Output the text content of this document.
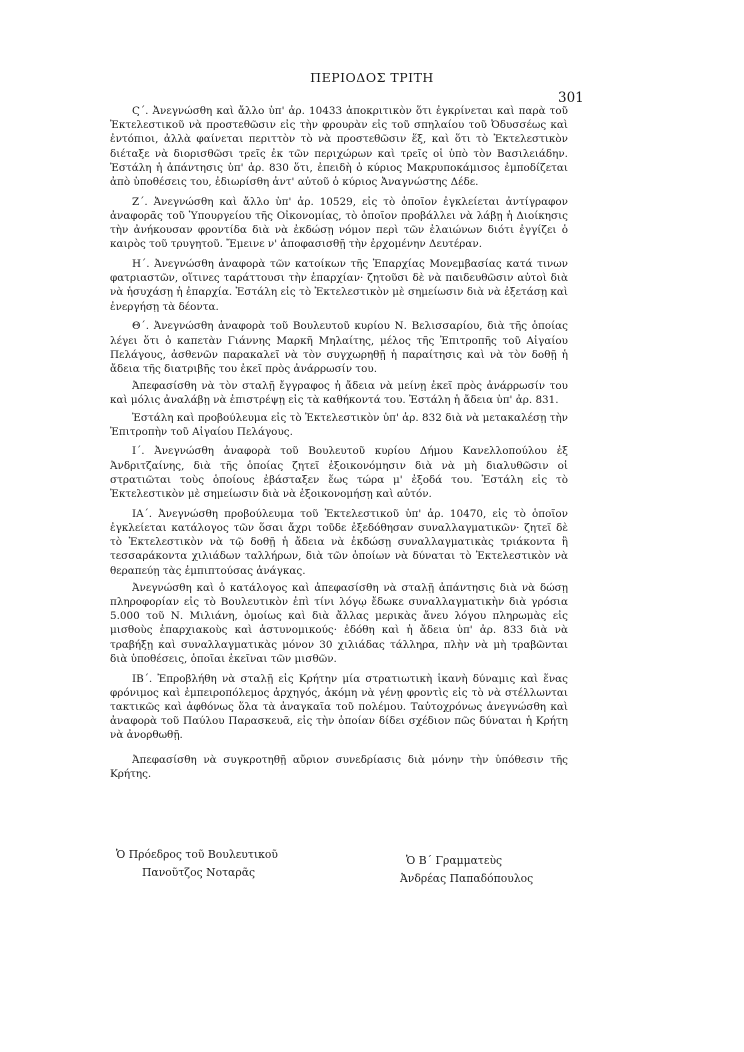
ΠΕΡΙΟΔΟΣ ΤΡΙΤΗ
301

Ϛ΄. Ἀνεγνώσθη καὶ ἄλλο ὑπ' ἀρ. 10433 ἀποκριτικὸν ὅτι ἐγκρίνεται καὶ παρὰ τοῦ Ἐκτελεστικοῦ νὰ προστεθῶσιν εἰς τὴν φρουρὰν εἰς τοῦ σπηλαίου τοῦ Ὀδυσσέως καὶ ἐντόπιοι, ἀλλὰ φαίνεται περιττὸν τὸ νὰ προστεθῶσιν ἕξ, καὶ ὅτι τὸ Ἐκτελεστικὸν διέταξε νὰ διορισθῶσι τρεῖς ἐκ τῶν περιχώρων καὶ τρεῖς οἱ ὑπὸ τὸν Βασιλειάδην. Ἐστάλη ἡ ἀπάντησις ὑπ' ἀρ. 830 ὅτι, ἐπειδὴ ὁ κύριος Μακρυποκάμισος ἐμποδίζεται ἀπὸ ὑποθέσεις του, ἐδιωρίσθη ἀντ' αὐτοῦ ὁ κύριος Ἀναγνώστης Δέδε.

Ζ΄. Ἀνεγνώσθη καὶ ἄλλο ὑπ' ἀρ. 10529, εἰς τὸ ὁποῖον ἐγκλείεται ἀντίγραφον ἀναφορᾶς τοῦ Ὑπουργείου τῆς Οἰκονομίας, τὸ ὁποῖον προβάλλει νὰ λάβῃ ἡ Διοίκησις τὴν ἀνήκουσαν φροντίδα διὰ νὰ ἐκδώσῃ νόμον περὶ τῶν ἐλαιώνων διότι ἐγγίζει ὁ καιρὸς τοῦ τρυγητοῦ. Ἔμεινε ν' ἀποφασισθῇ τὴν ἐρχομένην Δευτέραν.

Η΄. Ἀνεγνώσθη ἀναφορὰ τῶν κατοίκων τῆς Ἐπαρχίας Μονεμβασίας κατά τινων φατριαστῶν, οἵτινες ταράττουσι τὴν ἐπαρχίαν· ζητοῦσι δὲ νὰ παιδευθῶσιν αὐτοὶ διὰ νὰ ἡσυχάσῃ ἡ ἐπαρχία. Ἐστάλη εἰς τὸ Ἐκτελεστικὸν μὲ σημείωσιν διὰ νὰ ἐξετάσῃ καὶ ἐνεργήσῃ τὰ δέοντα.

Θ΄. Ἀνεγνώσθη ἀναφορὰ τοῦ Βουλευτοῦ κυρίου Ν. Βελισσαρίου, διὰ τῆς ὁποίας λέγει ὅτι ὁ καπετὰν Γιάννης Μαρκῆ Μηλαίτης, μέλος τῆς Ἐπιτροπῆς τοῦ Αἰγαίου Πελάγους, ἀσθενῶν παρακαλεῖ νὰ τὸν συγχωρηθῇ ἡ παραίτησις καὶ νὰ τὸν δοθῇ ἡ ἄδεια τῆς διατριβῆς του ἐκεῖ πρὸς ἀνάρρωσίν του.

Ἀπεφασίσθη νὰ τὸν σταλῇ ἔγγραφος ἡ ἄδεια νὰ μείνῃ ἐκεῖ πρὸς ἀνάρρωσίν του καὶ μόλις ἀναλάβῃ νὰ ἐπιστρέψῃ εἰς τὰ καθήκοντά του. Ἐστάλη ἡ ἄδεια ὑπ' ἀρ. 831.

Ἐστάλη καὶ προβούλευμα εἰς τὸ Ἐκτελεστικὸν ὑπ' ἀρ. 832 διὰ νὰ μετακαλέσῃ τὴν Ἐπιτροπὴν τοῦ Αἰγαίου Πελάγους.

Ι΄. Ἀνεγνώσθη ἀναφορὰ τοῦ Βουλευτοῦ κυρίου Δήμου Κανελλοπούλου ἐξ Ἀνδριτζαίνης, διὰ τῆς ὁποίας ζητεῖ ἐξοικονόμησιν διὰ νὰ μὴ διαλυθῶσιν οἱ στρατιῶται τοὺς ὁποίους ἐβάσταξεν ἕως τώρα μ' ἐξοδά του. Ἐστάλη εἰς τὸ Ἐκτελεστικὸν μὲ σημείωσιν διὰ νὰ ἐξοικονομήσῃ καὶ αὐτόν.

ΙΑ΄. Ἀνεγνώσθη προβούλευμα τοῦ Ἐκτελεστικοῦ ὑπ' ἀρ. 10470, εἰς τὸ ὁποῖον ἐγκλείεται κατάλογος τῶν ὅσαι ἄχρι τοῦδε ἐξεδόθησαν συναλλαγματικῶν· ζητεῖ δὲ τὸ Ἐκτελεστικὸν νὰ τῷ δοθῇ ἡ ἄδεια νὰ ἐκδώσῃ συναλλαγματικὰς τριάκοντα ἢ τεσσαράκοντα χιλιάδων ταλλήρων, διὰ τῶν ὁποίων νὰ δύναται τὸ Ἐκτελεστικὸν νὰ θεραπεύῃ τὰς ἐμπιπτούσας ἀνάγκας.

Ἀνεγνώσθη καὶ ὁ κατάλογος καὶ ἀπεφασίσθη νὰ σταλῇ ἀπάντησις διὰ νὰ δώσῃ πληροφορίαν εἰς τὸ Βουλευτικὸν ἐπὶ τίνι λόγῳ ἔδωκε συναλλαγματικὴν διὰ γρόσια 5.000 τοῦ Ν. Μιλιάνη, ὁμοίως καὶ διὰ ἄλλας μερικὰς ἄνευ λόγου πληρωμὰς εἰς μισθοὺς ἐπαρχιακοὺς καὶ ἀστυνομικούς· ἐδόθη καὶ ἡ ἄδεια ὑπ' ἀρ. 833 διὰ νὰ τραβήξῃ καὶ συναλλαγματικὰς μόνον 30 χιλιάδας τάλληρα, πλὴν νὰ μὴ τραβῶνται διὰ ὑποθέσεις, ὁποῖαι ἐκεῖναι τῶν μισθῶν.

ΙΒ΄. Ἐπροβλήθη νὰ σταλῇ εἰς Κρήτην μία στρατιωτικὴ ἱκανὴ δύναμις καὶ ἕνας φρόνιμος καὶ ἐμπειροπόλεμος ἀρχηγός, ἀκόμη νὰ γένῃ φροντὶς εἰς τὸ νὰ στέλλωνται τακτικῶς καὶ ἀφθόνως ὅλα τὰ ἀναγκαῖα τοῦ πολέμου. Ταὐτοχρόνως ἀνεγνώσθη καὶ ἀναφορὰ τοῦ Παύλου Παρασκευᾶ, εἰς τὴν ὁποίαν δίδει σχέδιον πῶς δύναται ἡ Κρήτη νὰ ἀνορθωθῇ.

Ἀπεφασίσθη νὰ συγκροτηθῇ αὔριον συνεδρίασις διὰ μόνην τὴν ὑπόθεσιν τῆς Κρήτης.

Ὁ Πρόεδρος τοῦ Βουλευτικοῦ
Πανοῦτζος Νοταρᾶς
Ὁ Β΄ Γραμματεὺς
Ἀνδρέας Παπαδόπουλος
